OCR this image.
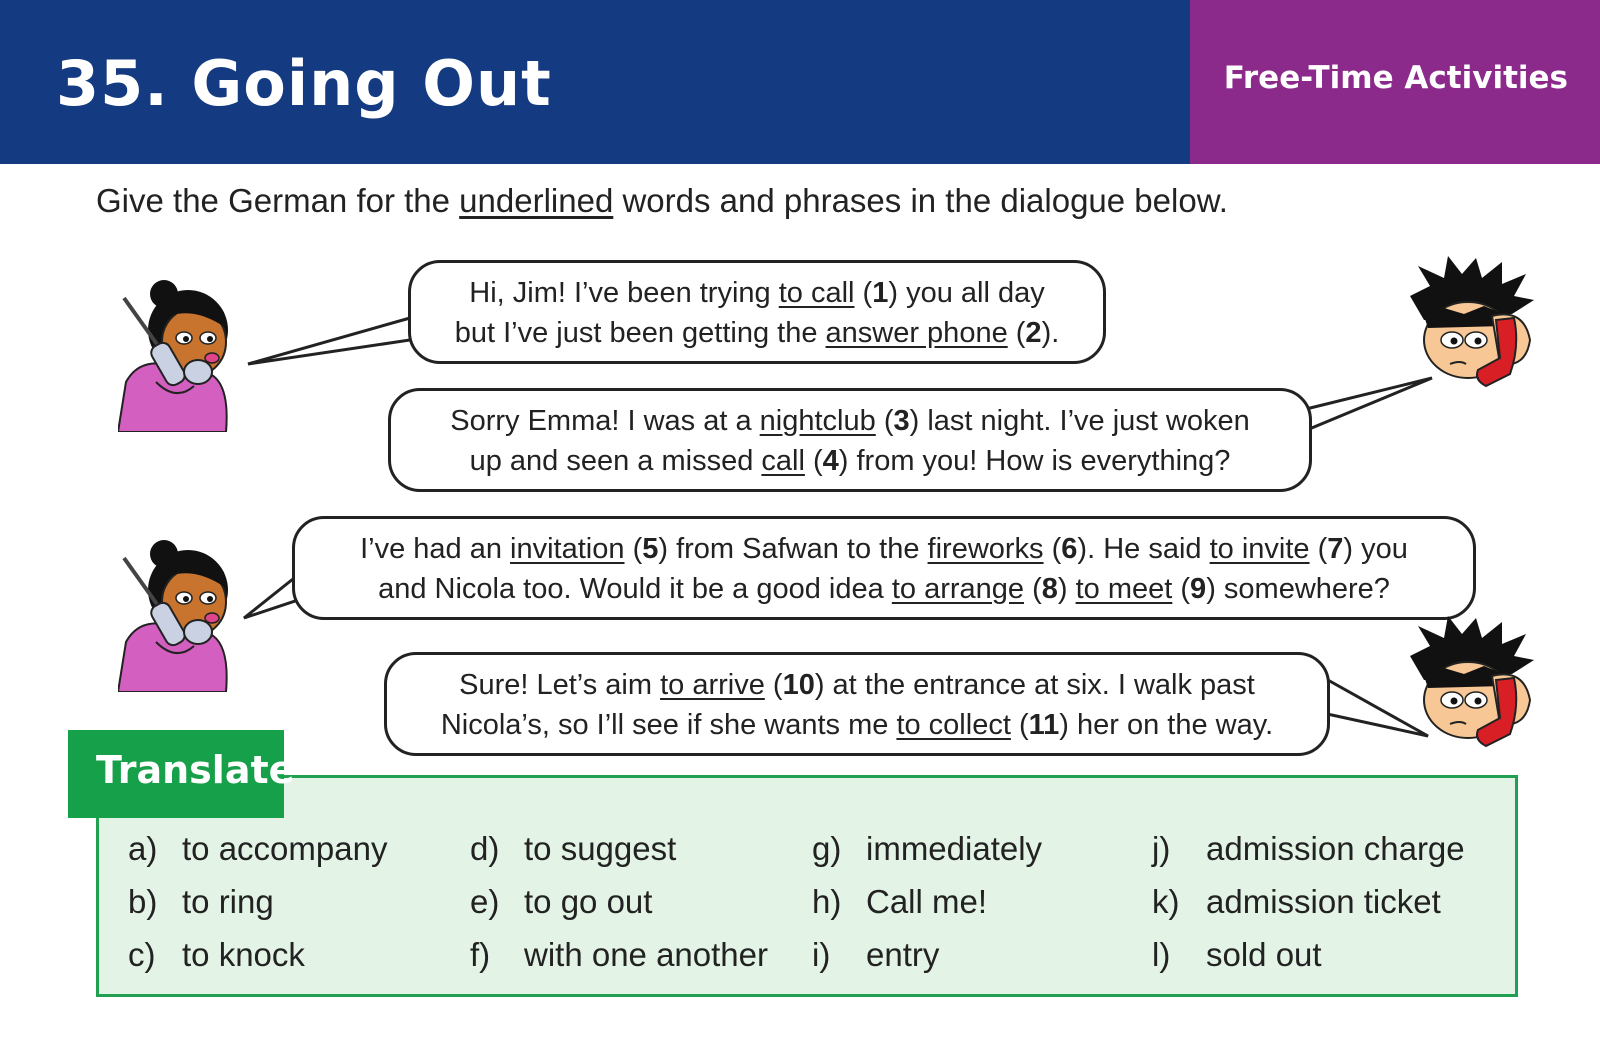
35. Going Out	Free-Time Activities
Give the German for the underlined words and phrases in the dialogue below.
Hi, Jim! I’ve been trying to call (1) you all day
but I’ve just been getting the answer phone (2).
Sorry Emma! I was at a nightclub (3) last night. I’ve just woken
up and seen a missed call (4) from you! How is everything?
I’ve had an invitation (5) from Safwan to the fireworks (6). He said to invite (7) you
and Nicola too. Would it be a good idea to arrange (8) to meet (9) somewhere?
Sure! Let’s aim to arrive (10) at the entrance at six. I walk past
Nicola’s, so I’ll see if she wants me to collect (11) her on the way.
Translate
a) to accompany
b) to ring
c) to knock
d) to suggest
e) to go out
f) with one another
g) immediately
h) Call me!
i) entry
j) admission charge
k) admission ticket
l) sold out
